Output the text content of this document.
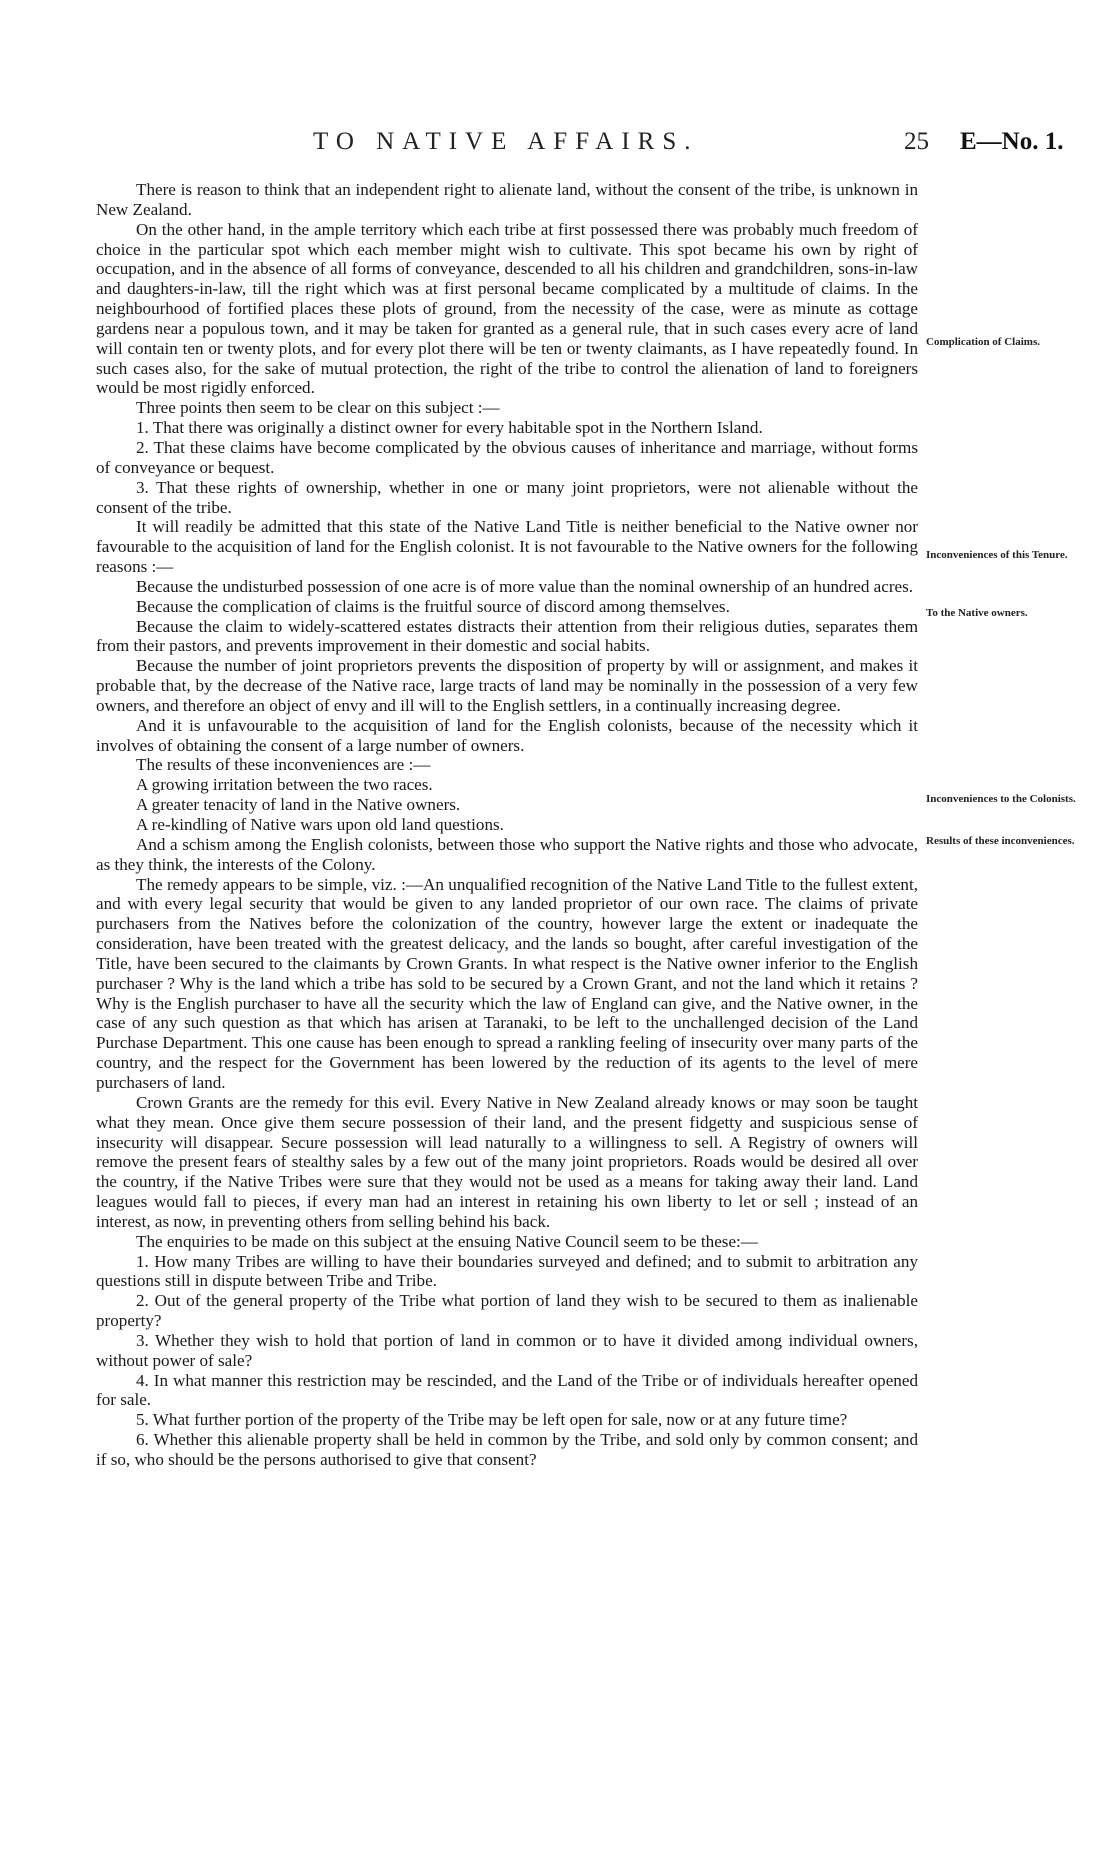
TO NATIVE AFFAIRS.	25 E—No. 1.

There is reason to think that an independent right to alienate land, without the consent of the tribe, is unknown in New Zealand.

On the other hand, in the ample territory which each tribe at first possessed there was probably much freedom of choice in the particular spot which each member might wish to cultivate. This spot became his own by right of occupation, and in the absence of all forms of conveyance, descended to all his children and grandchildren, sons-in-law and daughters-in-law, till the right which was at first personal became complicated by a multitude of claims. In the neighbourhood of fortified places these plots of ground, from the necessity of the case, were as minute as cottage gardens near a populous town, and it may be taken for granted as a general rule, that in such cases every acre of land will contain ten or twenty plots, and for every plot there will be ten or twenty claimants, as I have repeatedly found. In such cases also, for the sake of mutual protection, the right of the tribe to control the alienation of land to foreigners would be most rigidly enforced.

Three points then seem to be clear on this subject :—

1. That there was originally a distinct owner for every habitable spot in the Northern Island.

2. That these claims have become complicated by the obvious causes of inheritance and marriage, without forms of conveyance or bequest.

3. That these rights of ownership, whether in one or many joint proprietors, were not alienable without the consent of the tribe.

It will readily be admitted that this state of the Native Land Title is neither beneficial to the Native owner nor favourable to the acquisition of land for the English colonist. It is not favourable to the Native owners for the following reasons :—

Because the undisturbed possession of one acre is of more value than the nominal ownership of an hundred acres.

Because the complication of claims is the fruitful source of discord among themselves.

Because the claim to widely-scattered estates distracts their attention from their religious duties, separates them from their pastors, and prevents improvement in their domestic and social habits.

Because the number of joint proprietors prevents the disposition of property by will or assignment, and makes it probable that, by the decrease of the Native race, large tracts of land may be nominally in the possession of a very few owners, and therefore an object of envy and ill will to the English settlers, in a continually increasing degree.

And it is unfavourable to the acquisition of land for the English colonists, because of the necessity which it involves of obtaining the consent of a large number of owners.

The results of these inconveniences are :—

A growing irritation between the two races.

A greater tenacity of land in the Native owners.

A re-kindling of Native wars upon old land questions.

And a schism among the English colonists, between those who support the Native rights and those who advocate, as they think, the interests of the Colony.

The remedy appears to be simple, viz. :—An unqualified recognition of the Native Land Title to the fullest extent, and with every legal security that would be given to any landed proprietor of our own race. The claims of private purchasers from the Natives before the colonization of the country, however large the extent or inadequate the consideration, have been treated with the greatest delicacy, and the lands so bought, after careful investigation of the Title, have been secured to the claimants by Crown Grants. In what respect is the Native owner inferior to the English purchaser ? Why is the land which a tribe has sold to be secured by a Crown Grant, and not the land which it retains ? Why is the English purchaser to have all the security which the law of England can give, and the Native owner, in the case of any such question as that which has arisen at Taranaki, to be left to the unchallenged decision of the Land Purchase Department. This one cause has been enough to spread a rankling feeling of insecurity over many parts of the country, and the respect for the Government has been lowered by the reduction of its agents to the level of mere purchasers of land.

Crown Grants are the remedy for this evil. Every Native in New Zealand already knows or may soon be taught what they mean. Once give them secure possession of their land, and the present fidgetty and suspicious sense of insecurity will disappear. Secure possession will lead naturally to a willingness to sell. A Registry of owners will remove the present fears of stealthy sales by a few out of the many joint proprietors. Roads would be desired all over the country, if the Native Tribes were sure that they would not be used as a means for taking away their land. Land leagues would fall to pieces, if every man had an interest in retaining his own liberty to let or sell ; instead of an interest, as now, in preventing others from selling behind his back.

The enquiries to be made on this subject at the ensuing Native Council seem to be these:—

1. How many Tribes are willing to have their boundaries surveyed and defined; and to submit to arbitration any questions still in dispute between Tribe and Tribe.

2. Out of the general property of the Tribe what portion of land they wish to be secured to them as inalienable property?

3. Whether they wish to hold that portion of land in common or to have it divided among individual owners, without power of sale?

4. In what manner this restriction may be rescinded, and the Land of the Tribe or of individuals hereafter opened for sale.

5. What further portion of the property of the Tribe may be left open for sale, now or at any future time?

6. Whether this alienable property shall be held in common by the Tribe, and sold only by common consent; and if so, who should be the persons authorised to give that consent?

Complication of Claims.

Inconveniences of this Tenure.

To the Native owners.

Inconveniences to the Colonists.

Results of these inconveniences.
